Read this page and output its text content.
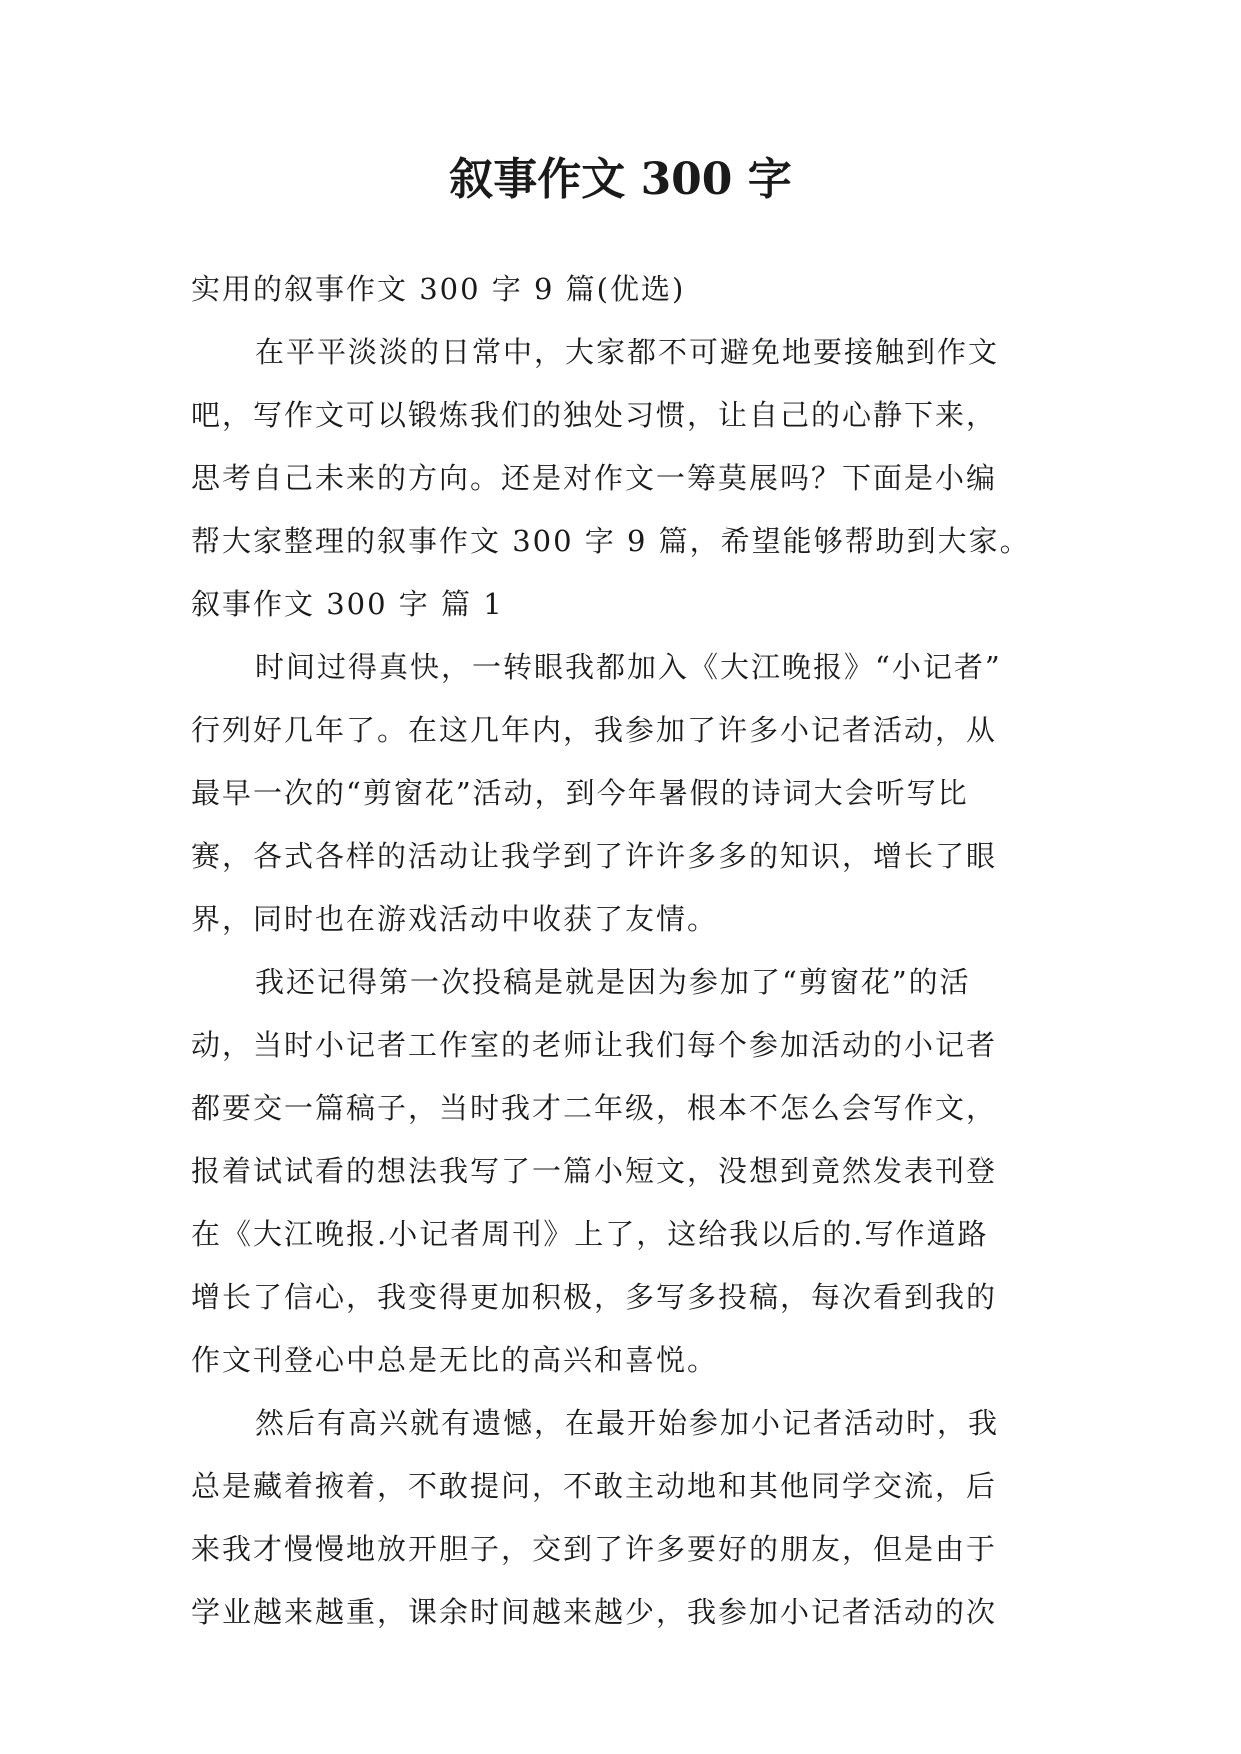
叙事作文 300 字
实用的叙事作文 300 字 9 篇(优选)
在平平淡淡的日常中，大家都不可避免地要接触到作文
吧，写作文可以锻炼我们的独处习惯，让自己的心静下来，
思考自己未来的方向。还是对作文一筹莫展吗？下面是小编
帮大家整理的叙事作文 300 字 9 篇，希望能够帮助到大家。
叙事作文 300 字 篇 1
时间过得真快，一转眼我都加入《大江晚报》“小记者”
行列好几年了。在这几年内，我参加了许多小记者活动，从
最早一次的“剪窗花”活动，到今年暑假的诗词大会听写比
赛，各式各样的活动让我学到了许许多多的知识，增长了眼
界，同时也在游戏活动中收获了友情。
我还记得第一次投稿是就是因为参加了“剪窗花”的活
动，当时小记者工作室的老师让我们每个参加活动的小记者
都要交一篇稿子，当时我才二年级，根本不怎么会写作文，
报着试试看的想法我写了一篇小短文，没想到竟然发表刊登
在《大江晚报.小记者周刊》上了，这给我以后的.写作道路
增长了信心，我变得更加积极，多写多投稿，每次看到我的
作文刊登心中总是无比的高兴和喜悦。
然后有高兴就有遗憾，在最开始参加小记者活动时，我
总是藏着掖着，不敢提问，不敢主动地和其他同学交流，后
来我才慢慢地放开胆子，交到了许多要好的朋友，但是由于
学业越来越重，课余时间越来越少，我参加小记者活动的次
